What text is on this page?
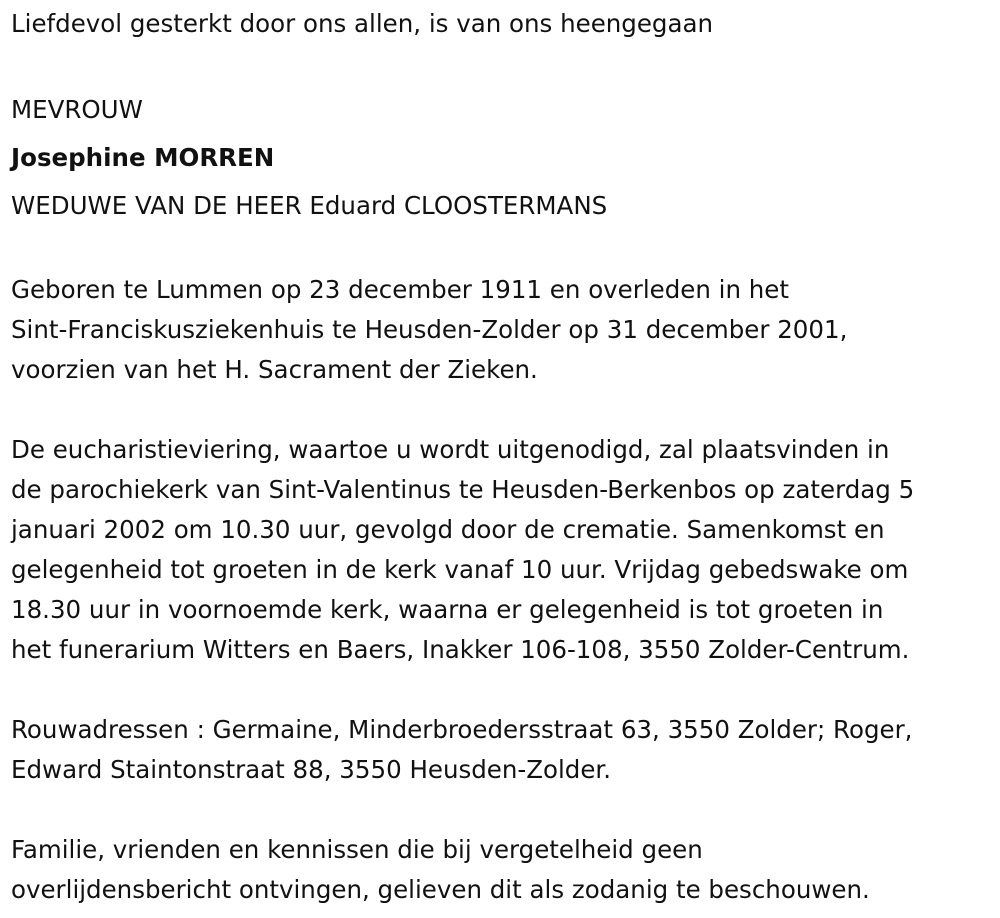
Liefdevol gesterkt door ons allen, is van ons heengegaan
MEVROUW
Josephine MORREN
WEDUWE VAN DE HEER Eduard CLOOSTERMANS
Geboren te Lummen op 23 december 1911 en overleden in het
Sint-Franciskusziekenhuis te Heusden-Zolder op 31 december 2001,
voorzien van het H. Sacrament der Zieken.
De eucharistieviering, waartoe u wordt uitgenodigd, zal plaatsvinden in
de parochiekerk van Sint-Valentinus te Heusden-Berkenbos op zaterdag 5
januari 2002 om 10.30 uur, gevolgd door de crematie. Samenkomst en
gelegenheid tot groeten in de kerk vanaf 10 uur. Vrijdag gebedswake om
18.30 uur in voornoemde kerk, waarna er gelegenheid is tot groeten in
het funerarium Witters en Baers, Inakker 106-108, 3550 Zolder-Centrum.
Rouwadressen : Germaine, Minderbroedersstraat 63, 3550 Zolder; Roger,
Edward Staintonstraat 88, 3550 Heusden-Zolder.
Familie, vrienden en kennissen die bij vergetelheid geen
overlijdensbericht ontvingen, gelieven dit als zodanig te beschouwen.
